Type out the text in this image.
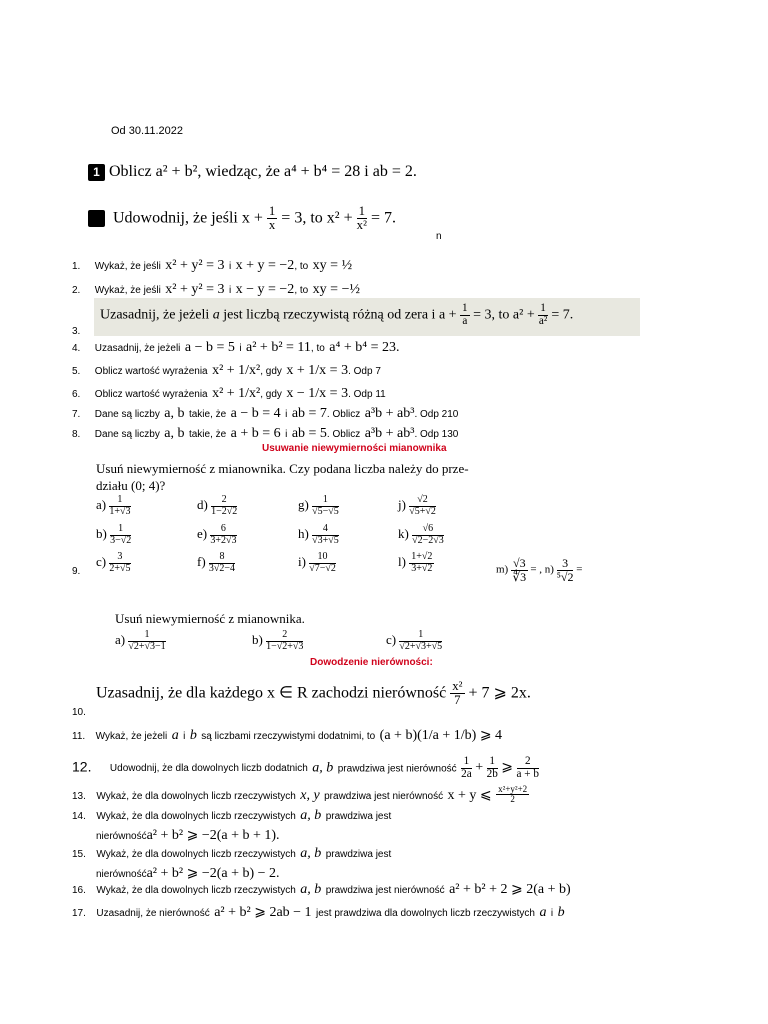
Od 30.11.2022
1 Oblicz a² + b², wiedząc, że a⁴ + b⁴ = 28 i ab = 2.
Udowodnij, że jeśli $x + \frac{1}{x} = 3$, to $x^2 + \frac{1}{\text{x²}} = 7$.
n
1. Wykaż, że jeśli x² + y² = 3 i x + y = −2, to xy = ½
2. Wykaż, że jeśli x² + y² = 3 i x − y = −2, to xy = −½
3.
Uzasadnij, że jeżeli a jest liczbą rzeczywistą różną od zera i $a + \frac{1}{a} = 3$, to $a^2 + \frac{1}{\text{a²}} = 7$.
4. Uzasadnij, że jeżeli a − b = 5 i a² + b² = 11, to a⁴ + b⁴ = 23.
5. Oblicz wartość wyrażenia x² + 1/x², gdy x + 1/x = 3. Odp 7
6. Oblicz wartość wyrażenia x² + 1/x², gdy x − 1/x = 3. Odp 11
7. Dane są liczby a, b takie, że a − b = 4 i ab = 7. Oblicz a³b + ab³. Odp 210
8. Dane są liczby a, b takie, że a + b = 6 i ab = 5. Oblicz a³b + ab³. Odp 130
Usuwanie niewymierności mianownika
Usuń niewymierność z mianownika. Czy podana liczba należy do prze-
działu (0; 4)?
9.
$a) \frac{1}{1+√3}$	$d) \frac{2}{1-2√2}$	$g) \frac{1}{√5-√5}$	$j) \frac{√2}{√5+√2}$
$b) \frac{1}{3-√2}$	$e) \frac{6}{3+2√3}$	$h) \frac{4}{√3+√5}$	$k) \frac{√6}{√2-2√3}$
$c) \frac{3}{2+√5}$	$f) \frac{8}{3√2-4}$	$i) \frac{10}{√7-√2}$	$l) \frac{1+√2}{3+√2}$	$m) \frac{√3}{∜3}$ = , $n) \frac{3}{\text{⁵√2}}$ =
Usuń niewymierność z mianownika.
$a) \frac{1}{√2+√3-1}$	$b) \frac{2}{1-√2+√3}$	$c) \frac{1}{√2+√3+√5}$
Dowodzenie nierówności:
Uzasadnij, że dla każdego x ∈ R zachodzi nierówność $\frac{\text{x²}}{7} + 7$ ⩾ 2x.
10.
11. Wykaż, że jeżeli a i b są liczbami rzeczywistymi dodatnimi, to (a + b)(1/a + 1/b) ⩾ 4
12. Udowodnij, że dla dowolnych liczb dodatnich a, b prawdziwa jest nierówność $\frac{1}{2a} + \frac{1}{2b}$ ⩾ $\frac{2}{a + b}$
13. Wykaż, że dla dowolnych liczb rzeczywistych x, y prawdziwa jest nierówność x + y ⩽ $\frac{\text{x²+y²+2}}{2}$
14. Wykaż, że dla dowolnych liczb rzeczywistych a, b prawdziwa jest
nierównośća² + b² ⩾ −2(a + b + 1).
15. Wykaż, że dla dowolnych liczb rzeczywistych a, b prawdziwa jest
nierównośća² + b² ⩾ −2(a + b) − 2.
16. Wykaż, że dla dowolnych liczb rzeczywistych a, b prawdziwa jest nierówność a² + b² + 2 ⩾ 2(a + b)
17. Uzasadnij, że nierówność a² + b² ⩾ 2ab − 1 jest prawdziwa dla dowolnych liczb rzeczywistych a i b
